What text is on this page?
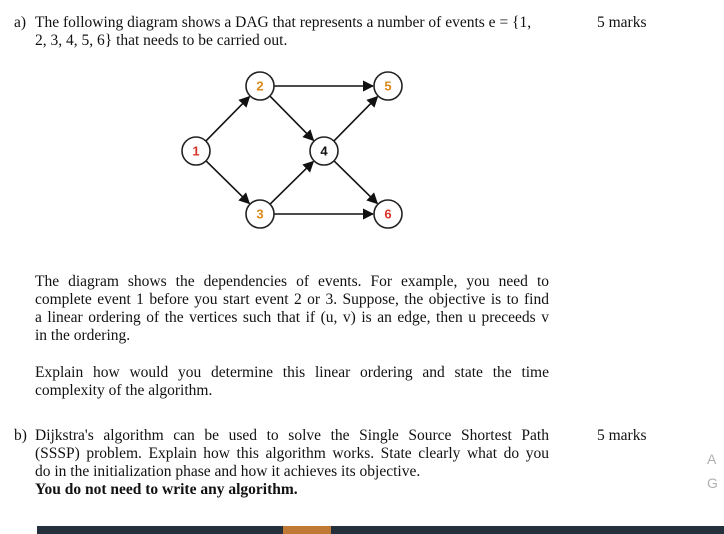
a) The following diagram shows a DAG that represents a number of events e = {1,
2, 3, 4, 5, 6} that needs to be carried out.
5 marks
1
2
3
4
5
6
The diagram shows the dependencies of events. For example, you need to
complete event 1 before you start event 2 or 3. Suppose, the objective is to find
a linear ordering of the vertices such that if (u, v) is an edge, then u preceeds v
in the ordering.
Explain how would you determine this linear ordering and state the time
complexity of the algorithm.
b) Dijkstra's algorithm can be used to solve the Single Source Shortest Path
(SSSP) problem. Explain how this algorithm works. State clearly what do you
do in the initialization phase and how it achieves its objective.
You do not need to write any algorithm.
5 marks
A
G
